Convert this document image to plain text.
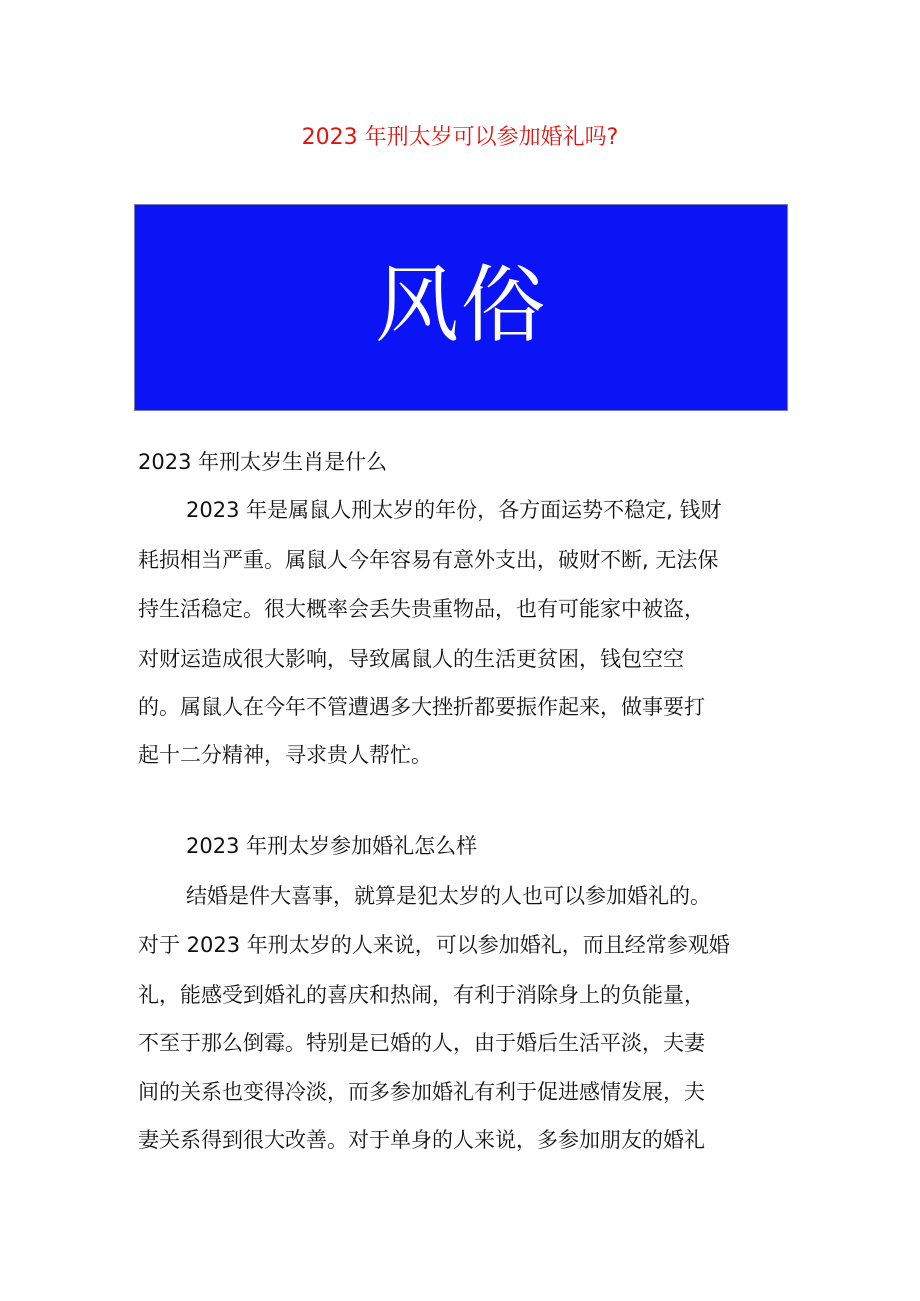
2023 年刑太岁可以参加婚礼吗?
风俗
2023 年刑太岁生肖是什么
2023 年是属鼠人刑太岁的年份，各方面运势不稳定, 钱财
耗损相当严重。属鼠人今年容易有意外支出，破财不断, 无法保
持生活稳定。很大概率会丢失贵重物品，也有可能家中被盗，
对财运造成很大影响，导致属鼠人的生活更贫困，钱包空空
的。属鼠人在今年不管遭遇多大挫折都要振作起来，做事要打
起十二分精神，寻求贵人帮忙。
2023 年刑太岁参加婚礼怎么样
结婚是件大喜事，就算是犯太岁的人也可以参加婚礼的。
对于 2023 年刑太岁的人来说，可以参加婚礼，而且经常参观婚
礼，能感受到婚礼的喜庆和热闹，有利于消除身上的负能量，
不至于那么倒霉。特别是已婚的人，由于婚后生活平淡，夫妻
间的关系也变得冷淡，而多参加婚礼有利于促进感情发展，夫
妻关系得到很大改善。对于单身的人来说，多参加朋友的婚礼
